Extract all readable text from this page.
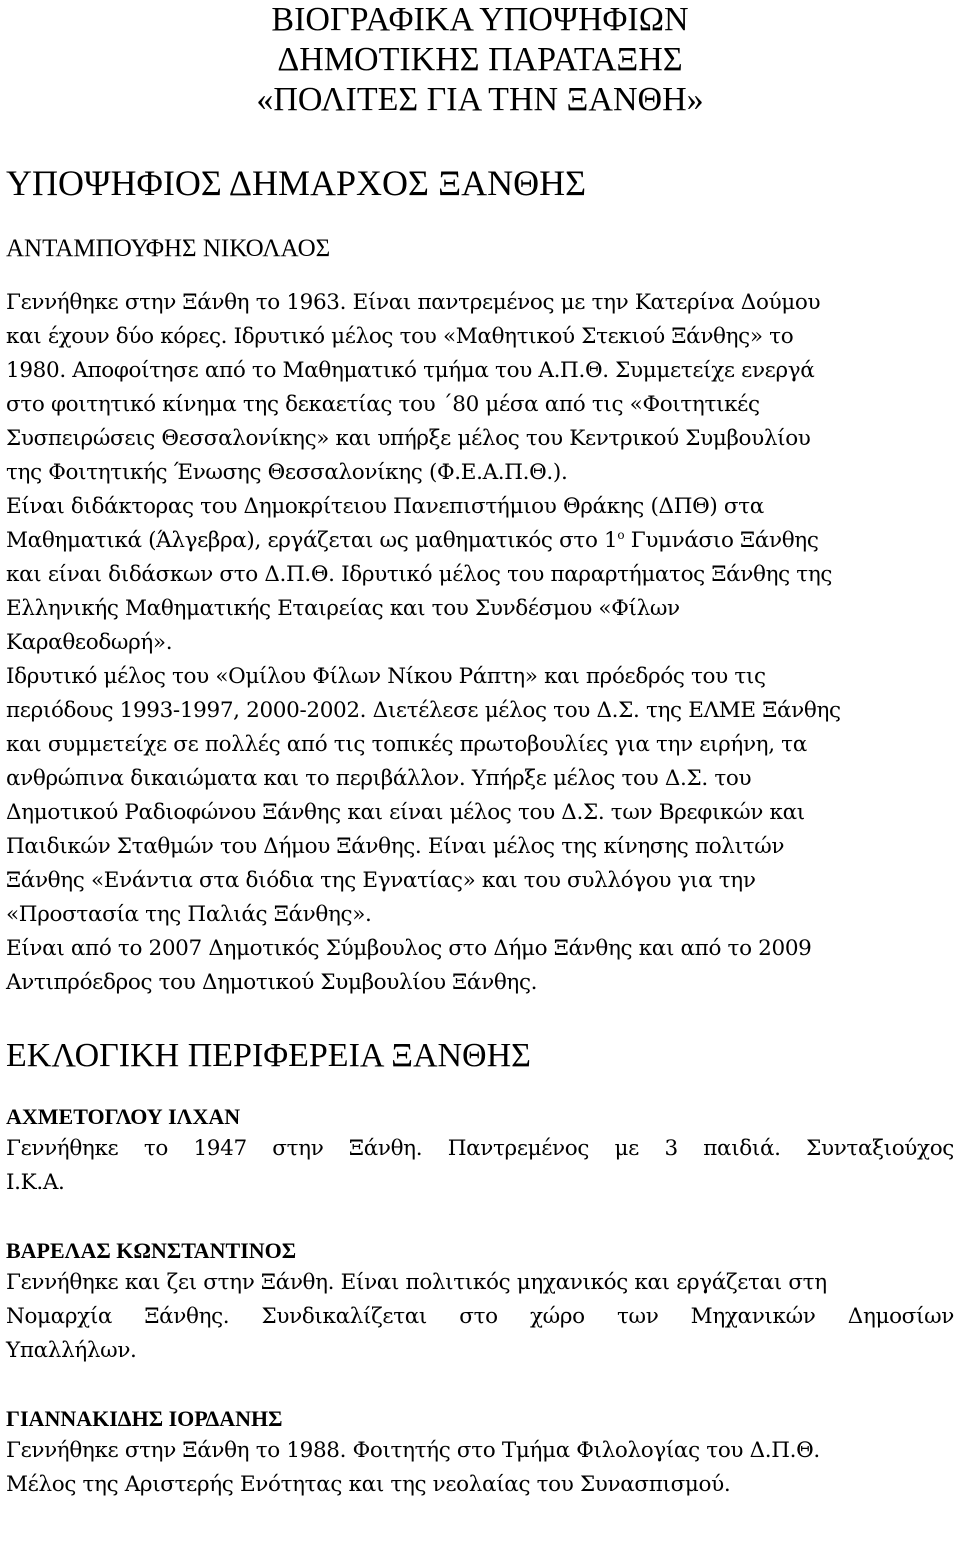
ΒΙΟΓΡΑΦΙΚΑ ΥΠΟΨΗΦΙΩΝ
ΔΗΜΟΤΙΚΗΣ ΠΑΡΑΤΑΞΗΣ
«ΠΟΛΙΤΕΣ ΓΙΑ ΤΗΝ ΞΑΝΘΗ»
ΥΠΟΨΗΦΙΟΣ ΔΗΜΑΡΧΟΣ ΞΑΝΘΗΣ
ΑΝΤΑΜΠΟΥΦΗΣ ΝΙΚΟΛΑΟΣ
Γεννήθηκε στην Ξάνθη το 1963. Είναι παντρεμένος με την Κατερίνα Δούμου
και έχουν δύο κόρες. Ιδρυτικό μέλος του «Μαθητικού Στεκιού Ξάνθης» το
1980. Αποφοίτησε από το Μαθηματικό τμήμα του Α.Π.Θ. Συμμετείχε ενεργά
στο φοιτητικό κίνημα της δεκαετίας του ΄80 μέσα από τις «Φοιτητικές
Συσπειρώσεις Θεσσαλονίκης» και υπήρξε μέλος του Κεντρικού Συμβουλίου
της Φοιτητικής Ένωσης Θεσσαλονίκης (Φ.Ε.Α.Π.Θ.).
Είναι διδάκτορας του Δημοκρίτειου Πανεπιστήμιου Θράκης (ΔΠΘ) στα
Μαθηματικά (Άλγεβρα), εργάζεται ως μαθηματικός στο $1^o$ Γυμνάσιο Ξάνθης
και είναι διδάσκων στο Δ.Π.Θ. Ιδρυτικό μέλος του παραρτήματος Ξάνθης της
Ελληνικής Μαθηματικής Εταιρείας και του Συνδέσμου «Φίλων
Καραθεοδωρή».
Ιδρυτικό μέλος του «Ομίλου Φίλων Νίκου Ράπτη» και πρόεδρός του τις
περιόδους 1993-1997, 2000-2002. Διετέλεσε μέλος του Δ.Σ. της ΕΛΜΕ Ξάνθης
και συμμετείχε σε πολλές από τις τοπικές πρωτοβουλίες για την ειρήνη, τα
ανθρώπινα δικαιώματα και το περιβάλλον. Υπήρξε μέλος του Δ.Σ. του
Δημοτικού Ραδιοφώνου Ξάνθης και είναι μέλος του Δ.Σ. των Βρεφικών και
Παιδικών Σταθμών του Δήμου Ξάνθης. Είναι μέλος της κίνησης πολιτών
Ξάνθης «Ενάντια στα διόδια της Εγνατίας» και του συλλόγου για την
«Προστασία της Παλιάς Ξάνθης».
Είναι από το 2007 Δημοτικός Σύμβουλος στο Δήμο Ξάνθης και από το 2009
Αντιπρόεδρος του Δημοτικού Συμβουλίου Ξάνθης.
ΕΚΛΟΓΙΚΗ ΠΕΡΙΦΕΡΕΙΑ ΞΑΝΘΗΣ
ΑΧΜΕΤΟΓΛΟΥ ΙΛΧΑΝ
Γεννήθηκε το 1947 στην Ξάνθη. Παντρεμένος με 3 παιδιά. Συνταξιούχος
Ι.Κ.Α.
ΒΑΡΕΛΑΣ ΚΩΝΣΤΑΝΤΙΝΟΣ
Γεννήθηκε και ζει στην Ξάνθη. Είναι πολιτικός μηχανικός και εργάζεται στη
Νομαρχία Ξάνθης. Συνδικαλίζεται στο χώρο των Μηχανικών Δημοσίων
Υπαλλήλων.
ΓΙΑΝΝΑΚΙΔΗΣ ΙΟΡΔΑΝΗΣ
Γεννήθηκε στην Ξάνθη το 1988. Φοιτητής στο Τμήμα Φιλολογίας του Δ.Π.Θ.
Μέλος της Αριστερής Ενότητας και της νεολαίας του Συνασπισμού.
